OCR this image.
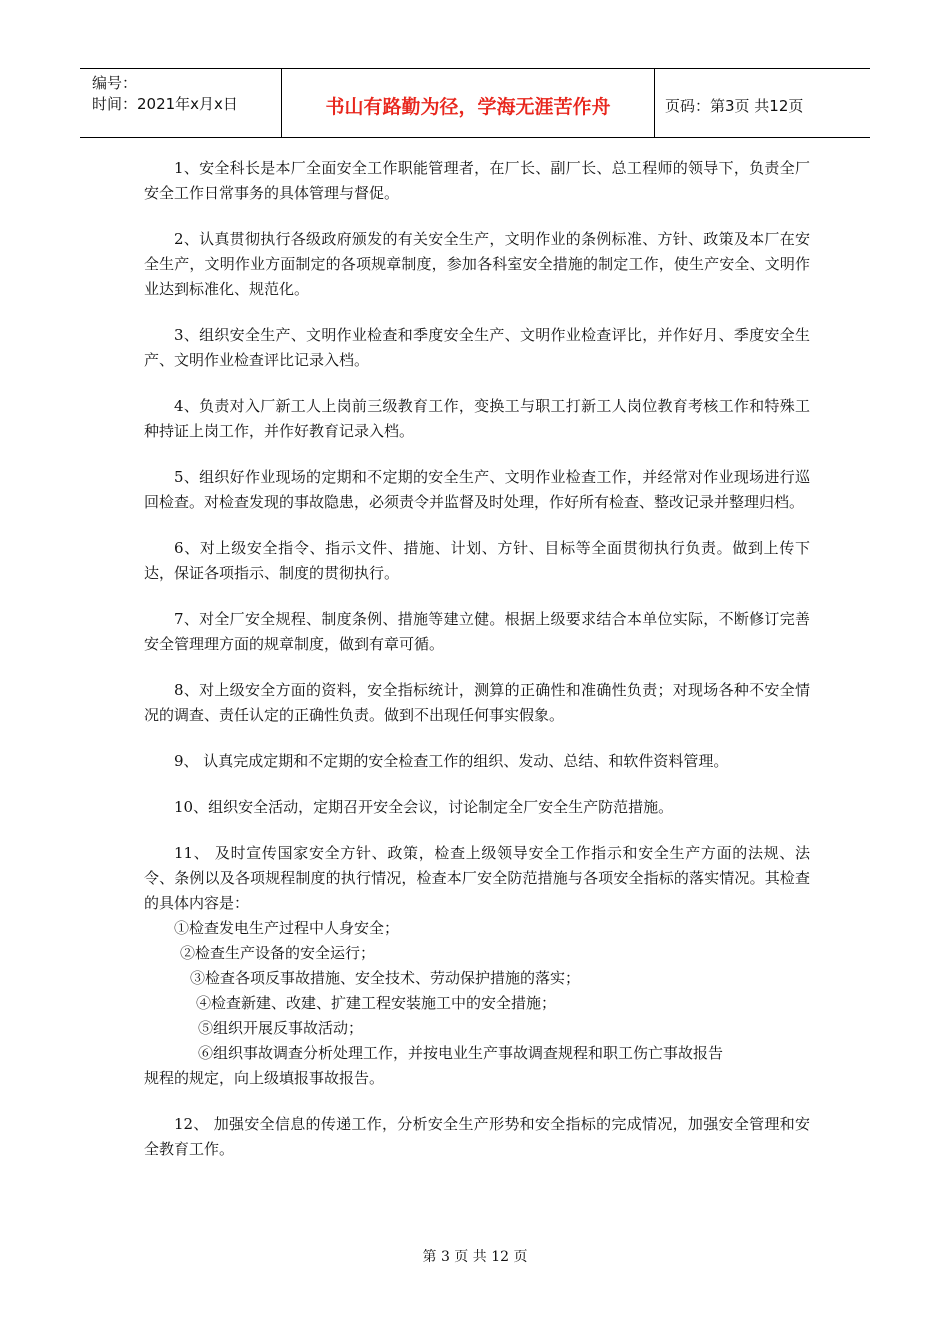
编号：
时间：2021年x月x日	书山有路勤为径，学海无涯苦作舟	页码：第3页 共12页

1、安全科长是本厂全面安全工作职能管理者，在厂长、副厂长、总工程师的领导下，负责全厂安全工作日常事务的具体管理与督促。

2、认真贯彻执行各级政府颁发的有关安全生产，文明作业的条例标准、方针、政策及本厂在安全生产，文明作业方面制定的各项规章制度，参加各科室安全措施的制定工作，使生产安全、文明作业达到标准化、规范化。

3、组织安全生产、文明作业检查和季度安全生产、文明作业检查评比，并作好月、季度安全生产、文明作业检查评比记录入档。

4、负责对入厂新工人上岗前三级教育工作，变换工与职工打新工人岗位教育考核工作和特殊工种持证上岗工作，并作好教育记录入档。

5、组织好作业现场的定期和不定期的安全生产、文明作业检查工作，并经常对作业现场进行巡回检查。对检查发现的事故隐患，必须责令并监督及时处理，作好所有检查、整改记录并整理归档。

6、对上级安全指令、指示文件、措施、计划、方针、目标等全面贯彻执行负责。做到上传下达，保证各项指示、制度的贯彻执行。

7、对全厂安全规程、制度条例、措施等建立健。根据上级要求结合本单位实际，不断修订完善安全管理理方面的规章制度，做到有章可循。

8、对上级安全方面的资料，安全指标统计，测算的正确性和准确性负责；对现场各种不安全情况的调查、责任认定的正确性负责。做到不出现任何事实假象。

9、 认真完成定期和不定期的安全检查工作的组织、发动、总结、和软件资料管理。

10、组织安全活动，定期召开安全会议，讨论制定全厂安全生产防范措施。

11、 及时宣传国家安全方针、政策，检查上级领导安全工作指示和安全生产方面的法规、法令、条例以及各项规程制度的执行情况，检查本厂安全防范措施与各项安全指标的落实情况。其检查的具体内容是：

①检查发电生产过程中人身安全；

②检查生产设备的安全运行；

③检查各项反事故措施、安全技术、劳动保护措施的落实；

④检查新建、改建、扩建工程安装施工中的安全措施；

⑤组织开展反事故活动；

⑥组织事故调查分析处理工作，并按电业生产事故调查规程和职工伤亡事故报告

规程的规定，向上级填报事故报告。

12、 加强安全信息的传递工作，分析安全生产形势和安全指标的完成情况，加强安全管理和安全教育工作。

第 3 页 共 12 页
